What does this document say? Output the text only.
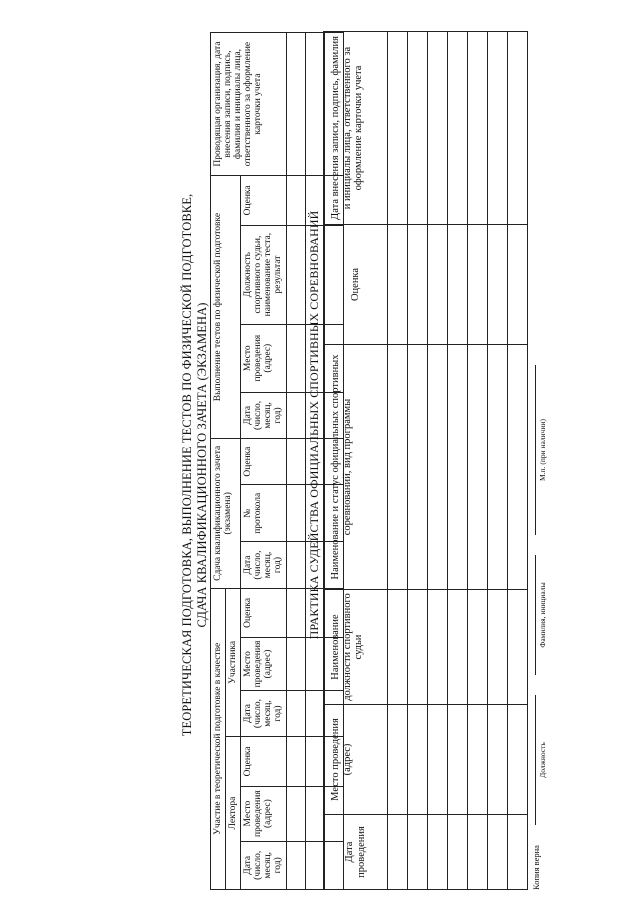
ТЕОРЕТИЧЕСКАЯ ПОДГОТОВКА, ВЫПОЛНЕНИЕ ТЕСТОВ ПО ФИЗИЧЕСКОЙ ПОДГОТОВКЕ, СДАЧА КВАЛИФИКАЦИОННОГО ЗАЧЕТА (ЭКЗАМЕНА)
Участие в теоретической подготовке в качестве						Сдача квалификационного зачета (экзамена)			Выполнение тестов по физической подготовке				Проводящая организация, дата внесения записи, подпись, фамилия и инициалы лица, ответственного за оформление карточки учета
Лектора			Участника										
Дата (число, месяц, год)	Место проведения (адрес)	Оценка	Дата (число, месяц, год)	Место проведения (адрес)	Оценка	Дата (число, месяц, год)	№ протокола	Оценка	Дата (число, месяц, год)	Место проведения (адрес)	Должность спортивного судьи, наименование теста, результат	Оценка	

ПРАКТИКА СУДЕЙСТВА ОФИЦИАЛЬНЫХ СПОРТИВНЫХ СОРЕВНОВАНИЙ
Дата проведения	Место проведения (адрес)	Наименование должности спортивного судьи	Наименование и статус официальных спортивных соревнований, вид программы	Оценка	Дата внесения записи, подпись, фамилия и инициалы лица, ответственного за оформление карточки учета

Копия верна
Должность
Фамилия, инициалы
М.п. (при наличии)
